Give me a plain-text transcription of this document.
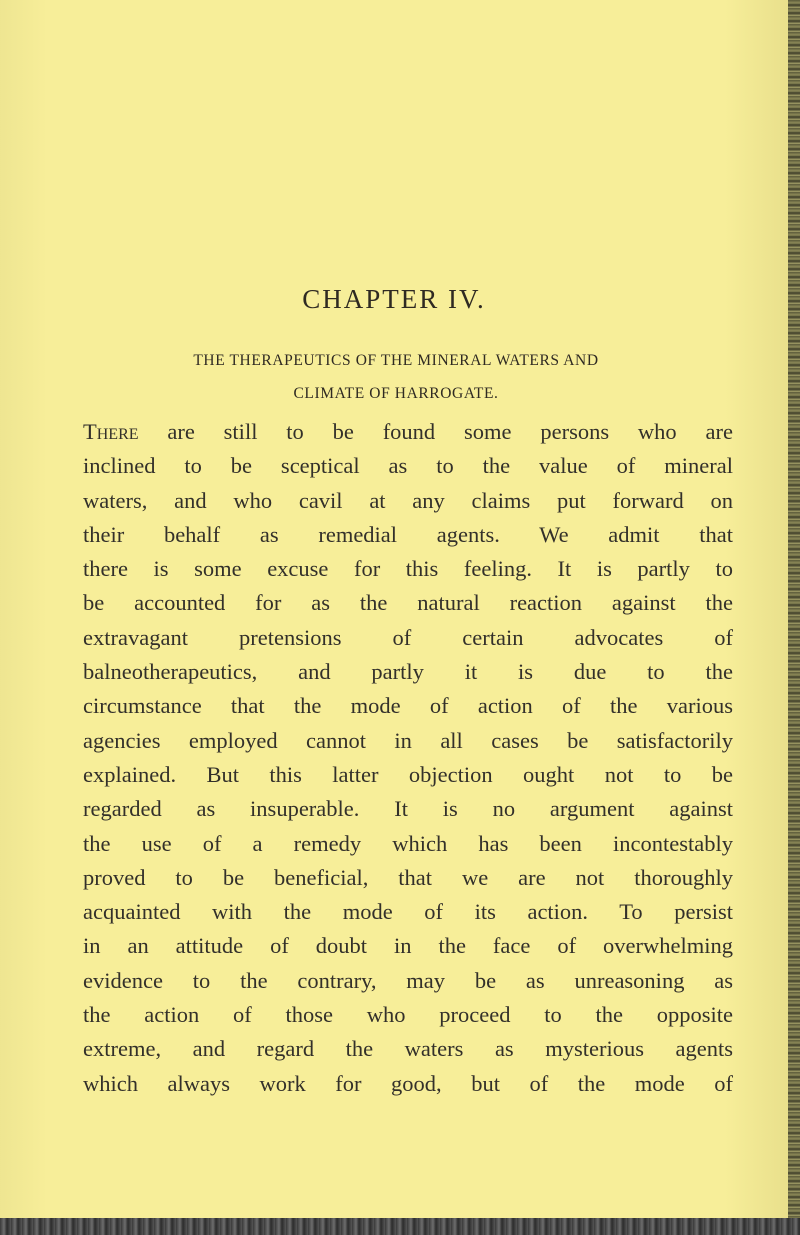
CHAPTER IV.

THE THERAPEUTICS OF THE MINERAL WATERS AND
CLIMATE OF HARROGATE.

There are still to be found some persons who are
inclined to be sceptical as to the value of mineral
waters, and who cavil at any claims put forward on
their behalf as remedial agents. We admit that
there is some excuse for this feeling. It is partly to
be accounted for as the natural reaction against the
extravagant pretensions of certain advocates of
balneotherapeutics, and partly it is due to the
circumstance that the mode of action of the various
agencies employed cannot in all cases be satisfactorily
explained. But this latter objection ought not to be
regarded as insuperable. It is no argument against
the use of a remedy which has been incontestably
proved to be beneficial, that we are not thoroughly
acquainted with the mode of its action. To persist
in an attitude of doubt in the face of overwhelming
evidence to the contrary, may be as unreasoning as
the action of those who proceed to the opposite
extreme, and regard the waters as mysterious agents
which always work for good, but of the mode of
